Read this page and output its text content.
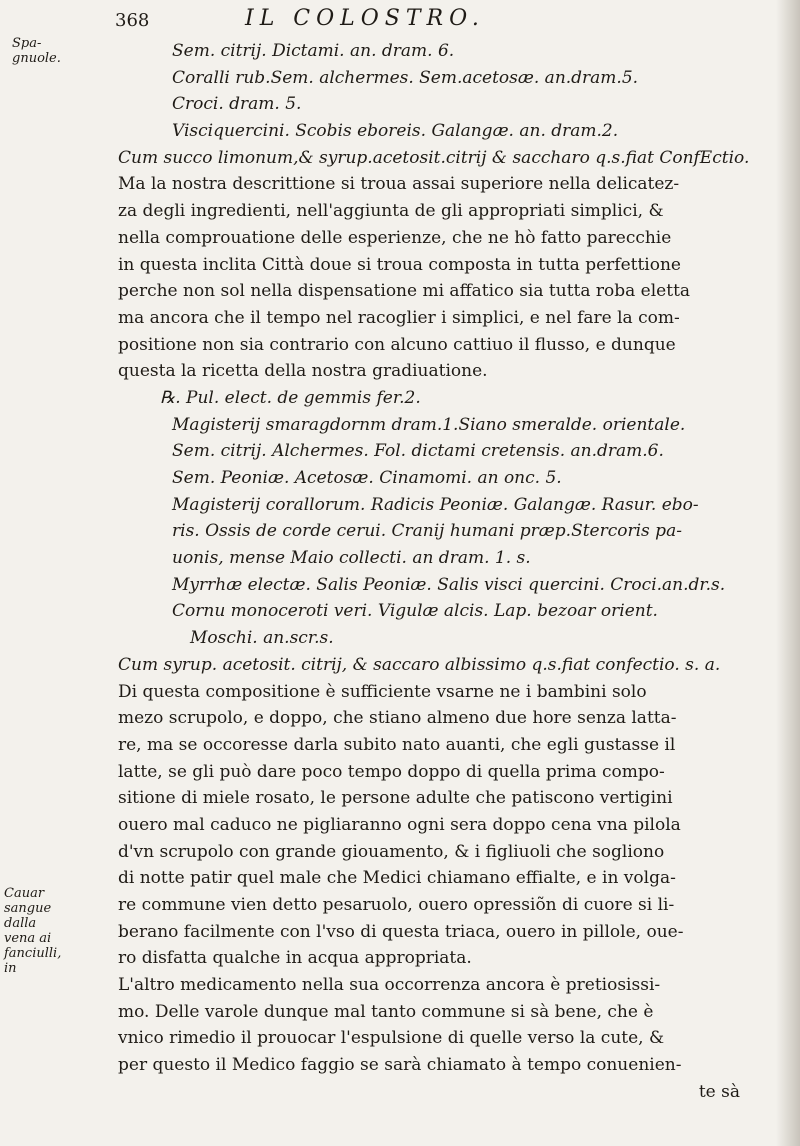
368	IL COLOSTRO.
Spa-gnuole.
Cauar sangue dalla vena ai fanciulli, in
Sem. citrij. Dictami. an. dram. 6.
Coralli rub.Sem. alchermes. Sem.acetosæ. an.dram.5.
Croci. dram. 5.
Visciquercini. Scobis eboreis. Galangæ. an. dram.2.
Cum succo limonum,& syrup.acetosit.citrij & saccharo q.s.fiat ConfEctio.
Ma la nostra descrittione si troua assai superiore nella delicatez-
za degli ingredienti, nell'aggiunta de gli appropriati simplici, &
nella comprouatione delle esperienze, che ne hò fatto parecchie
in questa inclita Città doue si troua composta in tutta perfettione
perche non sol nella dispensatione mi affatico sia tutta roba eletta
ma ancora che il tempo nel racoglier i simplici, e nel fare la com-
positione non sia contrario con alcuno cattiuo il flusso, e dunque
questa la ricetta della nostra gradiuatione.
℞. Pul. elect. de gemmis fer.2.
Magisterij smaragdornm dram.1.Siano smeralde. orientale.
Sem. citrij. Alchermes. Fol. dictami cretensis. an.dram.6.
Sem. Peoniæ. Acetosæ. Cinamomi. an onc. 5.
Magisterij corallorum. Radicis Peoniæ. Galangæ. Rasur. ebo-
ris. Ossis de corde cerui. Cranij humani præp.Stercoris pa-
uonis, mense Maio collecti. an dram. 1. s.
Myrrhæ electæ. Salis Peoniæ. Salis visci quercini. Croci.an.dr.s.
Cornu monoceroti veri. Vigulæ alcis. Lap. bezoar orient.
Moschi. an.scr.s.
Cum syrup. acetosit. citrij, & saccaro albissimo q.s.fiat confectio. s. a.
Di questa compositione è sufficiente vsarne ne i bambini solo
mezo scrupolo, e doppo, che stiano almeno due hore senza latta-
re, ma se occoresse darla subito nato auanti, che egli gustasse il
latte, se gli può dare poco tempo doppo di quella prima compo-
sitione di miele rosato, le persone adulte che patiscono vertigini
ouero mal caduco ne pigliaranno ogni sera doppo cena vna pilola
d'vn scrupolo con grande giouamento, & i figliuoli che sogliono
di notte patir quel male che Medici chiamano effialte, e in volga-
re commune vien detto pesaruolo, ouero opressiõn di cuore si li-
berano facilmente con l'vso di questa triaca, ouero in pillole, oue-
ro disfatta qualche in acqua appropriata.
L'altro medicamento nella sua occorrenza ancora è pretiosissi-
mo. Delle varole dunque mal tanto commune si sà bene, che è
vnico rimedio il prouocar l'espulsione di quelle verso la cute, &
per questo il Medico faggio se sarà chiamato à tempo conuenien-
te sà
